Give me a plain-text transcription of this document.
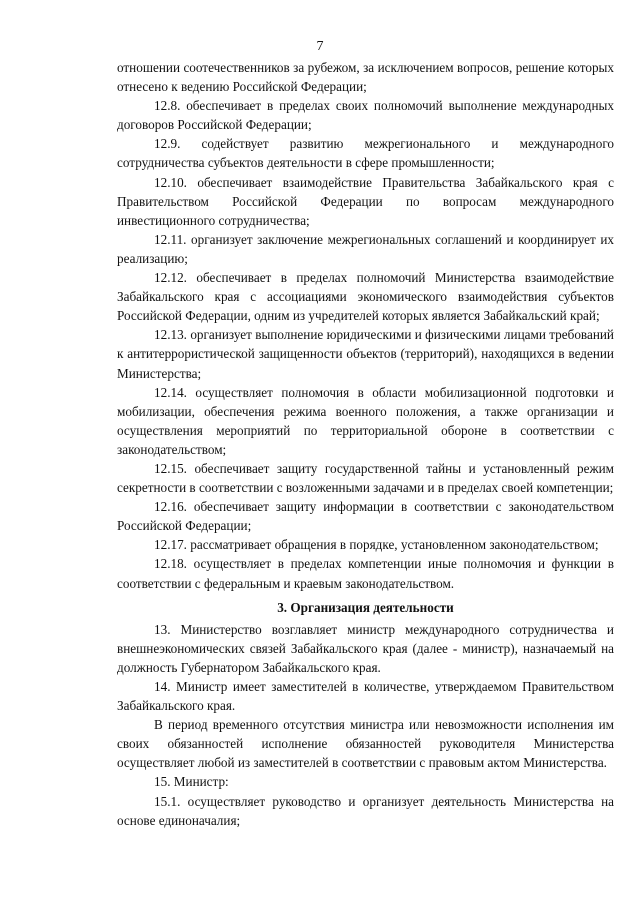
7

отношении соотечественников за рубежом, за исключением вопросов, решение которых отнесено к ведению Российской Федерации;

12.8. обеспечивает в пределах своих полномочий выполнение международных договоров Российской Федерации;

12.9. содействует развитию межрегионального и международного сотрудничества субъектов деятельности в сфере промышленности;

12.10. обеспечивает взаимодействие Правительства Забайкальского края с Правительством Российской Федерации по вопросам международного инвестиционного сотрудничества;

12.11. организует заключение межрегиональных соглашений и координирует их реализацию;

12.12. обеспечивает в пределах полномочий Министерства взаимодействие Забайкальского края с ассоциациями экономического взаимодействия субъектов Российской Федерации, одним из учредителей которых является Забайкальский край;

12.13. организует выполнение юридическими и физическими лицами требований к антитеррористической защищенности объектов (территорий), находящихся в ведении Министерства;

12.14. осуществляет полномочия в области мобилизационной подготовки и мобилизации, обеспечения режима военного положения, а также организации и осуществления мероприятий по территориальной обороне в соответствии с законодательством;

12.15. обеспечивает защиту государственной тайны и установленный режим секретности в соответствии с возложенными задачами и в пределах своей компетенции;

12.16. обеспечивает защиту информации в соответствии с законодательством Российской Федерации;

12.17. рассматривает обращения в порядке, установленном законодательством;

12.18. осуществляет в пределах компетенции иные полномочия и функции в соответствии с федеральным и краевым законодательством.

3. Организация деятельности

13. Министерство возглавляет министр международного сотрудничества и внешнеэкономических связей Забайкальского края (далее - министр), назначаемый на должность Губернатором Забайкальского края.

14. Министр имеет заместителей в количестве, утверждаемом Правительством Забайкальского края.

В период временного отсутствия министра или невозможности исполнения им своих обязанностей исполнение обязанностей руководителя Министерства осуществляет любой из заместителей в соответствии с правовым актом Министерства.

15. Министр:

15.1. осуществляет руководство и организует деятельность Министерства на основе единоначалия;
